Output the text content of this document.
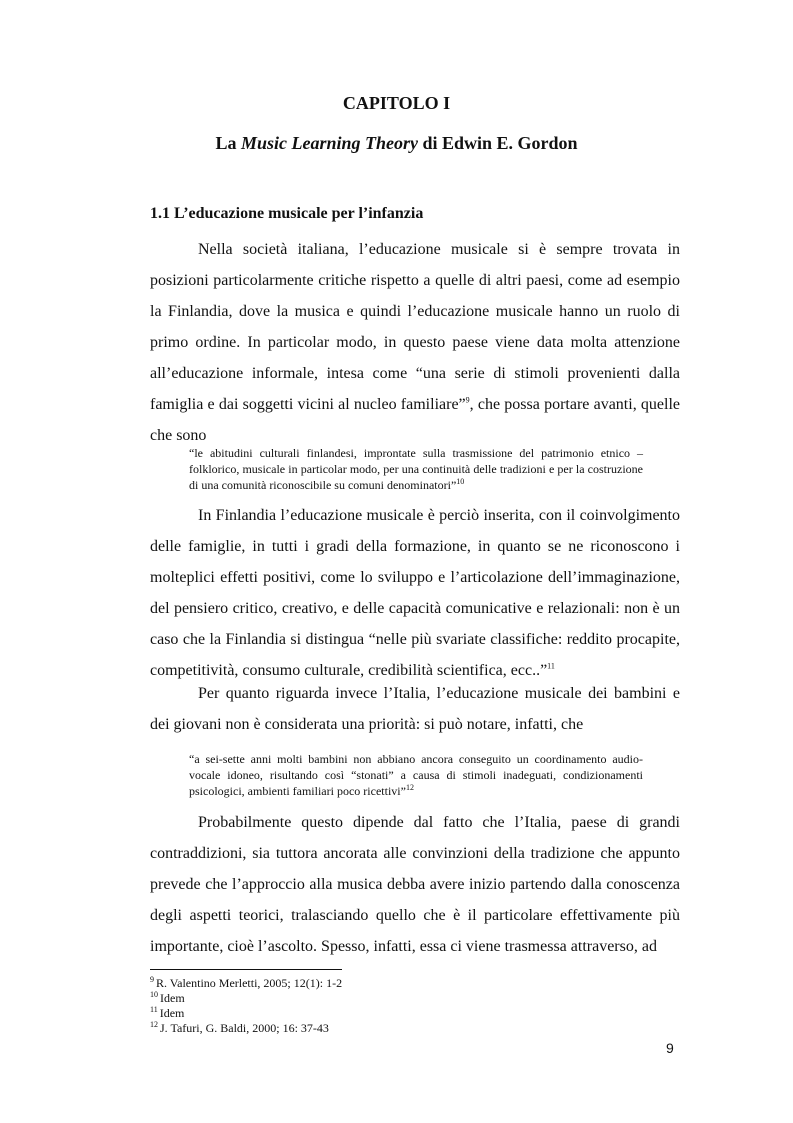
CAPITOLO I
La Music Learning Theory di Edwin E. Gordon
1.1 L’educazione musicale per l’infanzia

Nella società italiana, l’educazione musicale si è sempre trovata in posizioni particolarmente critiche rispetto a quelle di altri paesi, come ad esempio la Finlandia, dove la musica e quindi l’educazione musicale hanno un ruolo di primo ordine. In particolar modo, in questo paese viene data molta attenzione all’educazione informale, intesa come “una serie di stimoli provenienti dalla famiglia e dai soggetti vicini al nucleo familiare”$^9$, che possa portare avanti, quelle che sono

“le abitudini culturali finlandesi, improntate sulla trasmissione del patrimonio etnico – folklorico, musicale in particolar modo, per una continuità delle tradizioni e per la costruzione di una comunità riconoscibile su comuni denominatori”$^{10}$

In Finlandia l’educazione musicale è perciò inserita, con il coinvolgimento delle famiglie, in tutti i gradi della formazione, in quanto se ne riconoscono i molteplici effetti positivi, come lo sviluppo e l’articolazione dell’immaginazione, del pensiero critico, creativo, e delle capacità comunicative e relazionali: non è un caso che la Finlandia si distingua “nelle più svariate classifiche: reddito procapite, competitività, consumo culturale, credibilità scientifica, ecc..”$^{11}$

Per quanto riguarda invece l’Italia, l’educazione musicale dei bambini e dei giovani non è considerata una priorità: si può notare, infatti, che

“a sei-sette anni molti bambini non abbiano ancora conseguito un coordinamento audio-vocale idoneo, risultando così “stonati” a causa di stimoli inadeguati, condizionamenti psicologici, ambienti familiari poco ricettivi”$^{12}$

Probabilmente questo dipende dal fatto che l’Italia, paese di grandi contraddizioni, sia tuttora ancorata alle convinzioni della tradizione che appunto prevede che l’approccio alla musica debba avere inizio partendo dalla conoscenza degli aspetti teorici, tralasciando quello che è il particolare effettivamente più importante, cioè l’ascolto. Spesso, infatti, essa ci viene trasmessa attraverso, ad

$^9$ R. Valentino Merletti, 2005; 12(1): 1-2
$^{10}$ Idem
$^{11}$ Idem
$^{12}$ J. Tafuri, G. Baldi, 2000; 16: 37-43

9
